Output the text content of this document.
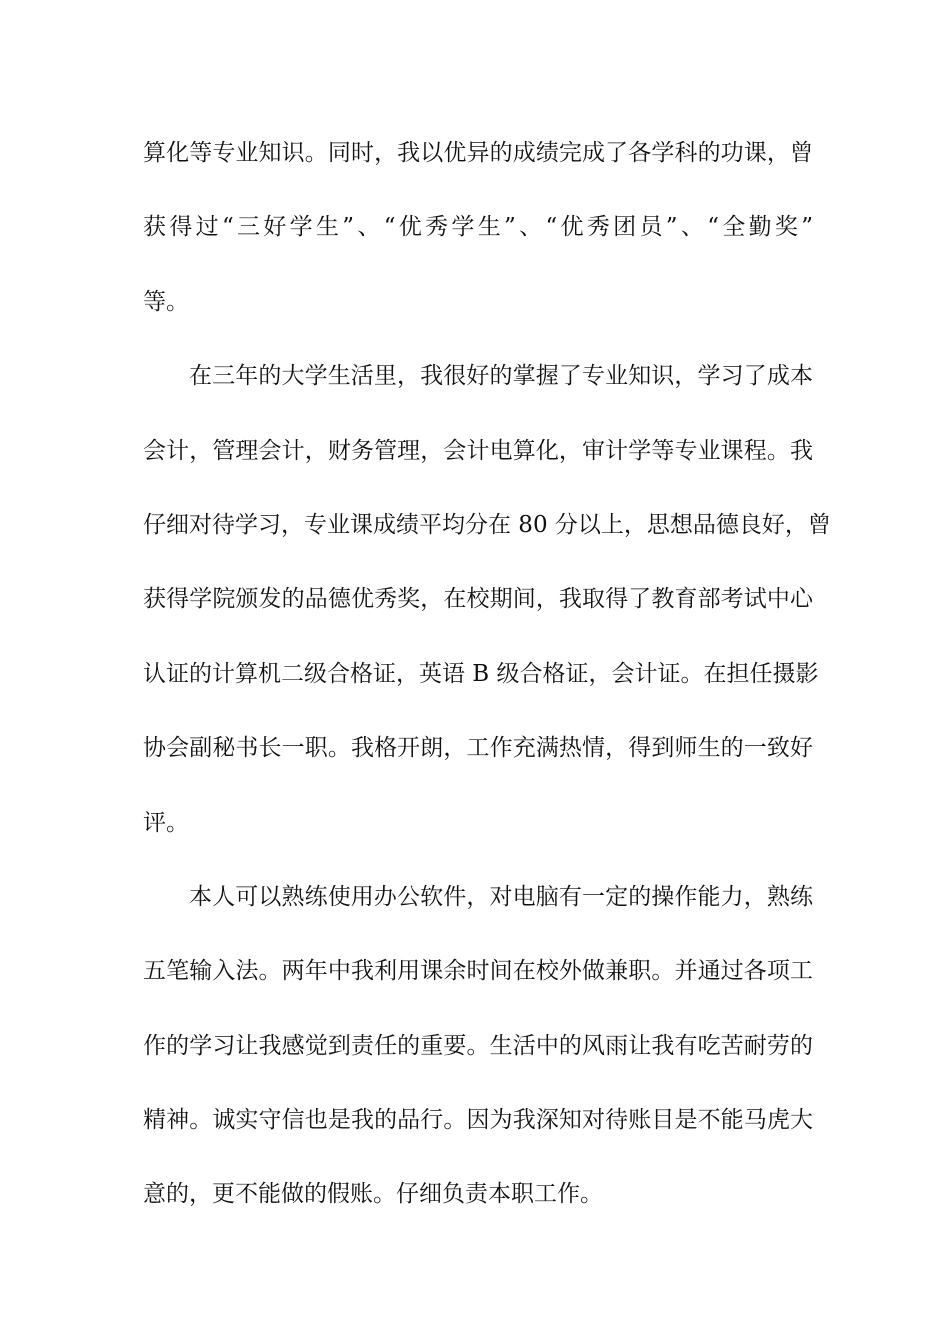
算化等专业知识。同时，我以优异的成绩完成了各学科的功课，曾
获得过“三好学生”、“优秀学生”、“优秀团员”、“全勤奖”
等。
在三年的大学生活里，我很好的掌握了专业知识，学习了成本
会计，管理会计，财务管理，会计电算化，审计学等专业课程。我
仔细对待学习，专业课成绩平均分在 80 分以上，思想品德良好，曾
获得学院颁发的品德优秀奖，在校期间，我取得了教育部考试中心
认证的计算机二级合格证，英语 B 级合格证，会计证。在担任摄影
协会副秘书长一职。我格开朗，工作充满热情，得到师生的一致好
评。
本人可以熟练使用办公软件，对电脑有一定的操作能力，熟练
五笔输入法。两年中我利用课余时间在校外做兼职。并通过各项工
作的学习让我感觉到责任的重要。生活中的风雨让我有吃苦耐劳的
精神。诚实守信也是我的品行。因为我深知对待账目是不能马虎大
意的，更不能做的假账。仔细负责本职工作。
